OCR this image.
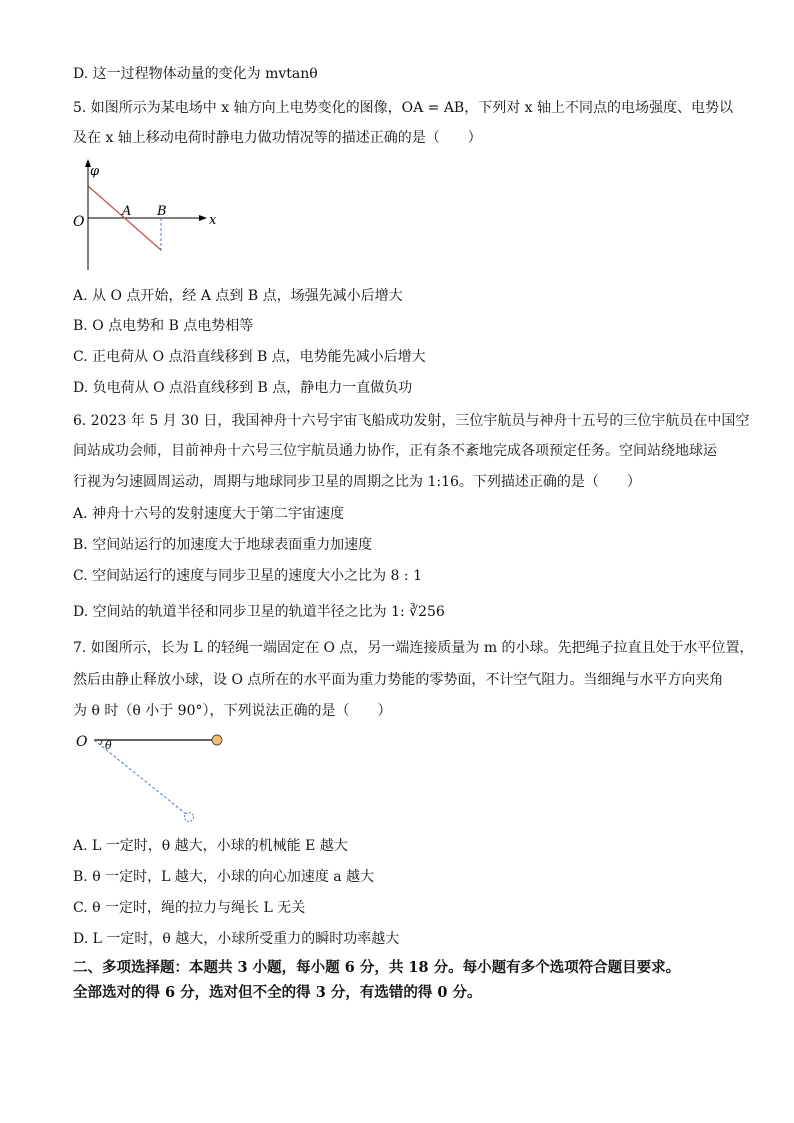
D. 这一过程物体动量的变化为 mvtanθ
5. 如图所示为某电场中 x 轴方向上电势变化的图像，OA = AB，下列对 x 轴上不同点的电场强度、电势以
及在 x 轴上移动电荷时静电力做功情况等的描述正确的是（　　）
φ
O
A B
x
A. 从 O 点开始，经 A 点到 B 点，场强先减小后增大
B. O 点电势和 B 点电势相等
C. 正电荷从 O 点沿直线移到 B 点，电势能先减小后增大
D. 负电荷从 O 点沿直线移到 B 点，静电力一直做负功
6. 2023 年 5 月 30 日，我国神舟十六号宇宙飞船成功发射，三位宇航员与神舟十五号的三位宇航员在中国空
间站成功会师，目前神舟十六号三位宇航员通力协作，正有条不紊地完成各项预定任务。空间站绕地球运
行视为匀速圆周运动，周期与地球同步卫星的周期之比为 1:16。下列描述正确的是（　　）
A. 神舟十六号的发射速度大于第二宇宙速度
B. 空间站运行的加速度大于地球表面重力加速度
C. 空间站运行的速度与同步卫星的速度大小之比为 8 : 1
D. 空间站的轨道半径和同步卫星的轨道半径之比为 1: ∛256
7. 如图所示，长为 L 的轻绳一端固定在 O 点，另一端连接质量为 m 的小球。先把绳子拉直且处于水平位置，
然后由静止释放小球，设 O 点所在的水平面为重力势能的零势面，不计空气阻力。当细绳与水平方向夹角
为 θ 时（θ 小于 90°），下列说法正确的是（　　）
O θ
A. L 一定时，θ 越大，小球的机械能 E 越大
B. θ 一定时，L 越大，小球的向心加速度 a 越大
C. θ 一定时，绳的拉力与绳长 L 无关
D. L 一定时，θ 越大，小球所受重力的瞬时功率越大
二、多项选择题：本题共 3 小题，每小题 6 分，共 18 分。每小题有多个选项符合题目要求。
全部选对的得 6 分，选对但不全的得 3 分，有选错的得 0 分。
